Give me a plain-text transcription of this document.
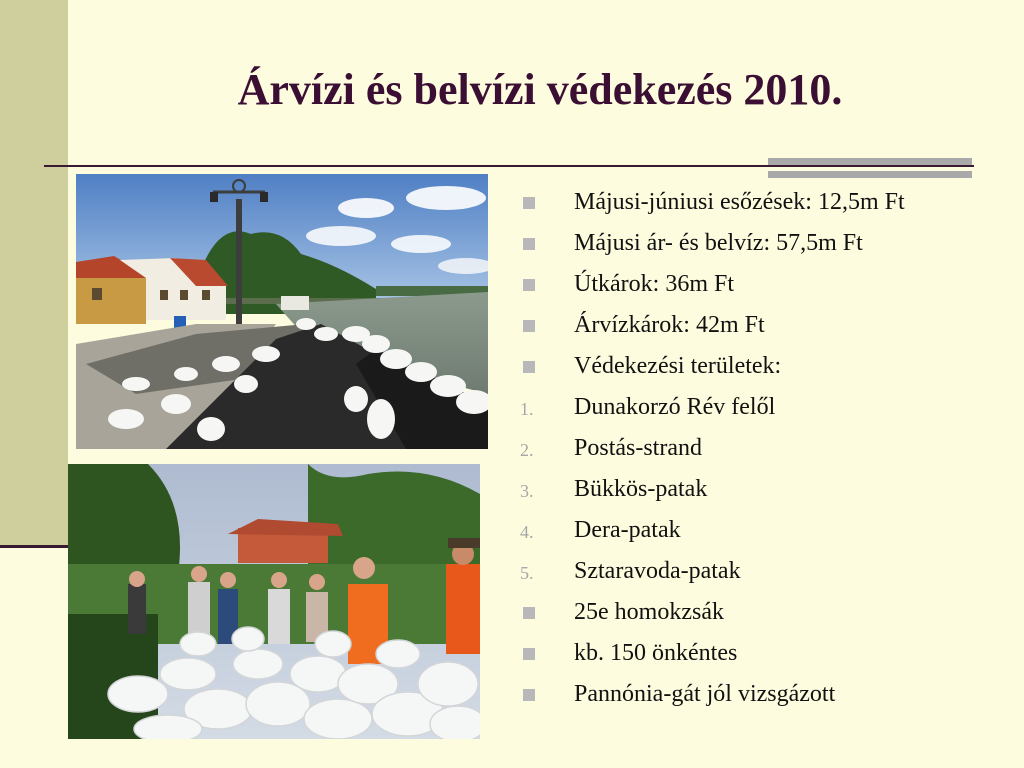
Árvízi és belvízi védekezés 2010.
Májusi-júniusi esőzések: 12,5m Ft
Májusi ár- és belvíz: 57,5m Ft
Útkárok: 36m Ft
Árvízkárok: 42m Ft
Védekezési területek:
1. Dunakorzó Rév felől
2. Postás-strand
3. Bükkös-patak
4. Dera-patak
5. Sztaravoda-patak
25e homokzsák
kb. 150 önkéntes
Pannónia-gát jól vizsgázott
